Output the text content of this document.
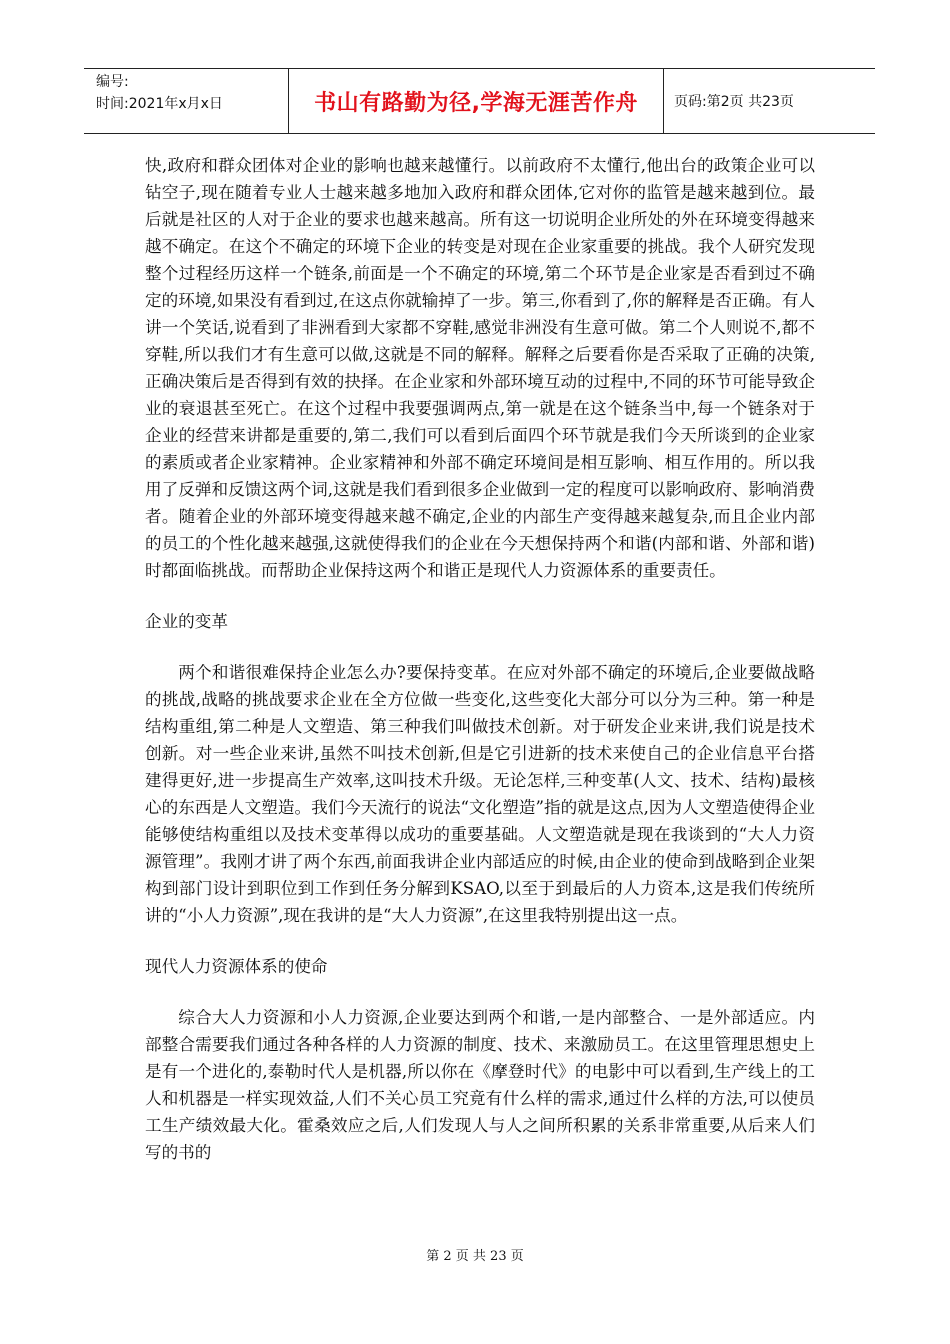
编号:
时间:2021年x月x日	书山有路勤为径,学海无涯苦作舟	页码:第2页 共23页

快,政府和群众团体对企业的影响也越来越懂行。以前政府不太懂行,他出台的政策企业可以钻空子,现在随着专业人士越来越多地加入政府和群众团体,它对你的监管是越来越到位。最后就是社区的人对于企业的要求也越来越高。所有这一切说明企业所处的外在环境变得越来越不确定。在这个不确定的环境下企业的转变是对现在企业家重要的挑战。我个人研究发现整个过程经历这样一个链条,前面是一个不确定的环境,第二个环节是企业家是否看到过不确定的环境,如果没有看到过,在这点你就输掉了一步。第三,你看到了,你的解释是否正确。有人讲一个笑话,说看到了非洲看到大家都不穿鞋,感觉非洲没有生意可做。第二个人则说不,都不穿鞋,所以我们才有生意可以做,这就是不同的解释。解释之后要看你是否采取了正确的决策,正确决策后是否得到有效的抉择。在企业家和外部环境互动的过程中,不同的环节可能导致企业的衰退甚至死亡。在这个过程中我要强调两点,第一就是在这个链条当中,每一个链条对于企业的经营来讲都是重要的,第二,我们可以看到后面四个环节就是我们今天所谈到的企业家的素质或者企业家精神。企业家精神和外部不确定环境间是相互影响、相互作用的。所以我用了反弹和反馈这两个词,这就是我们看到很多企业做到一定的程度可以影响政府、影响消费者。随着企业的外部环境变得越来越不确定,企业的内部生产变得越来越复杂,而且企业内部的员工的个性化越来越强,这就使得我们的企业在今天想保持两个和谐(内部和谐、外部和谐)时都面临挑战。而帮助企业保持这两个和谐正是现代人力资源体系的重要责任。

企业的变革

两个和谐很难保持企业怎么办?要保持变革。在应对外部不确定的环境后,企业要做战略的挑战,战略的挑战要求企业在全方位做一些变化,这些变化大部分可以分为三种。第一种是结构重组,第二种是人文塑造、第三种我们叫做技术创新。对于研发企业来讲,我们说是技术创新。对一些企业来讲,虽然不叫技术创新,但是它引进新的技术来使自己的企业信息平台搭建得更好,进一步提高生产效率,这叫技术升级。无论怎样,三种变革(人文、技术、结构)最核心的东西是人文塑造。我们今天流行的说法“文化塑造”指的就是这点,因为人文塑造使得企业能够使结构重组以及技术变革得以成功的重要基础。人文塑造就是现在我谈到的“大人力资源管理”。我刚才讲了两个东西,前面我讲企业内部适应的时候,由企业的使命到战略到企业架构到部门设计到职位到工作到任务分解到KSAO,以至于到最后的人力资本,这是我们传统所讲的“小人力资源”,现在我讲的是“大人力资源”,在这里我特别提出这一点。

现代人力资源体系的使命

综合大人力资源和小人力资源,企业要达到两个和谐,一是内部整合、一是外部适应。内部整合需要我们通过各种各样的人力资源的制度、技术、来激励员工。在这里管理思想史上是有一个进化的,泰勒时代人是机器,所以你在《摩登时代》的电影中可以看到,生产线上的工人和机器是一样实现效益,人们不关心员工究竟有什么样的需求,通过什么样的方法,可以使员工生产绩效最大化。霍桑效应之后,人们发现人与人之间所积累的关系非常重要,从后来人们写的书的

第 2 页 共 23 页
